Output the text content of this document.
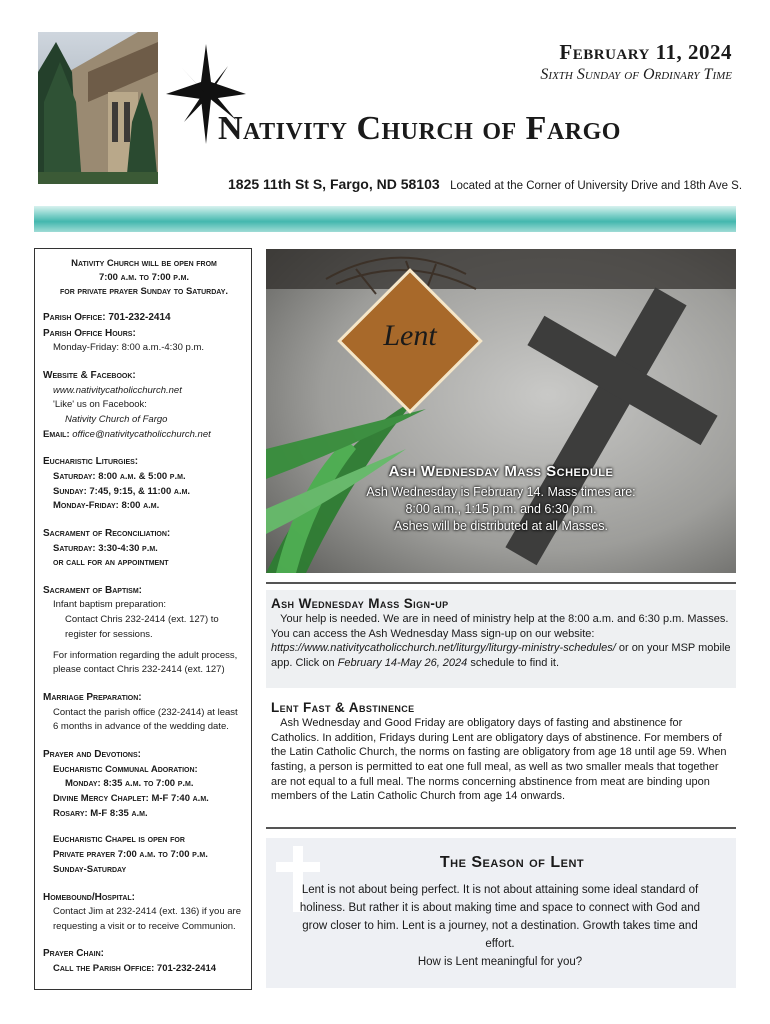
February 11, 2024
Sixth Sunday of Ordinary Time
Nativity Church of Fargo
1825 11th St S, Fargo, ND 58103 Located at the Corner of University Drive and 18th Ave S.
Nativity Church will be open from
7:00 a.m. to 7:00 p.m.
for private prayer Sunday to Saturday.
Parish Office: 701-232-2414
Parish Office Hours:
Monday-Friday: 8:00 a.m.-4:30 p.m.
Website & Facebook:
www.nativitycatholicchurch.net
'Like' us on Facebook:
Nativity Church of Fargo
Email: office@nativitycatholicchurch.net
Eucharistic Liturgies:
Saturday: 8:00 a.m. & 5:00 p.m.
Sunday: 7:45, 9:15, & 11:00 a.m.
Monday-Friday: 8:00 a.m.
Sacrament of Reconciliation:
Saturday: 3:30-4:30 p.m.
or call for an appointment
Sacrament of Baptism:
Infant baptism preparation:
Contact Chris 232-2414 (ext. 127) to register for sessions.
For information regarding the adult process, please contact Chris 232-2414 (ext. 127)
Marriage Preparation:
Contact the parish office (232-2414) at least 6 months in advance of the wedding date.
Prayer and Devotions:
Eucharistic Communal Adoration:
Monday: 8:35 a.m. to 7:00 p.m.
Divine Mercy Chaplet: M-F 7:40 a.m.
Rosary: M-F 8:35 a.m.
Eucharistic Chapel is open for
Private prayer 7:00 a.m. to 7:00 p.m.
Sunday-Saturday
Homebound/Hospital:
Contact Jim at 232-2414 (ext. 136) if you are requesting a visit or to receive Communion.
Prayer Chain:
Call the Parish Office: 701-232-2414
Lent
Ash Wednesday Mass Schedule
Ash Wednesday is February 14. Mass times are:
8:00 a.m., 1:15 p.m. and 6:30 p.m.
Ashes will be distributed at all Masses.
Ash Wednesday Mass Sign-up
Your help is needed. We are in need of ministry help at the 8:00 a.m. and 6:30 p.m. Masses. You can access the Ash Wednesday Mass sign-up on our website: https://www.nativitycatholicchurch.net/liturgy/liturgy-ministry-schedules/ or on your MSP mobile app. Click on February 14-May 26, 2024 schedule to find it.
Lent Fast & Abstinence
Ash Wednesday and Good Friday are obligatory days of fasting and abstinence for Catholics. In addition, Fridays during Lent are obligatory days of abstinence. For members of the Latin Catholic Church, the norms on fasting are obligatory from age 18 until age 59. When fasting, a person is permitted to eat one full meal, as well as two smaller meals that together are not equal to a full meal. The norms concerning abstinence from meat are binding upon members of the Latin Catholic Church from age 14 onwards.
The Season of Lent
Lent is not about being perfect. It is not about attaining some ideal standard of holiness. But rather it is about making time and space to connect with God and grow closer to him. Lent is a journey, not a destination. Growth takes time and effort.
How is Lent meaningful for you?
